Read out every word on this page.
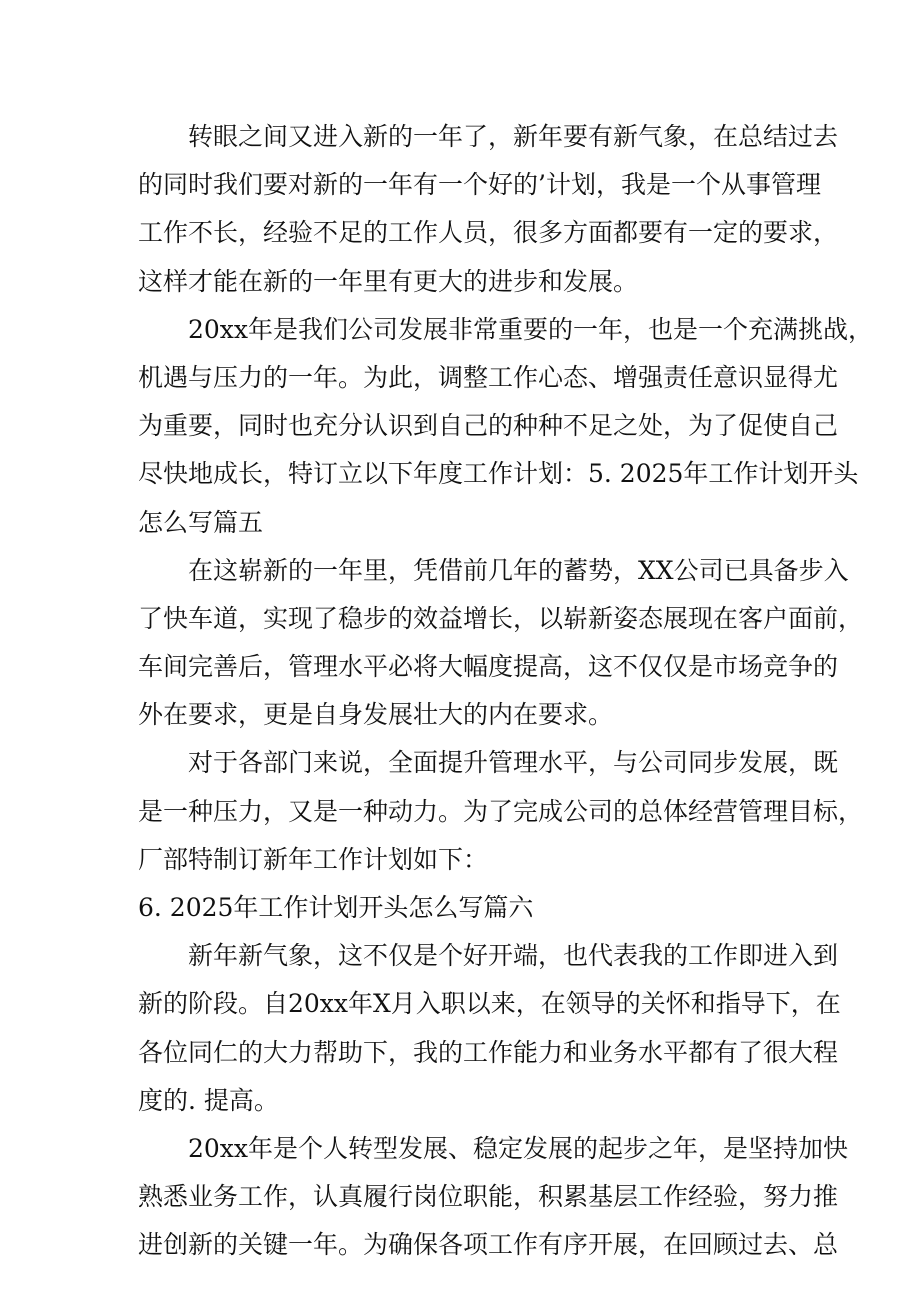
转眼之间又进入新的一年了，新年要有新气象，在总结过去
的同时我们要对新的一年有一个好的’计划，我是一个从事管理
工作不长，经验不足的工作人员，很多方面都要有一定的要求，
这样才能在新的一年里有更大的进步和发展。
20xx年是我们公司发展非常重要的一年，也是一个充满挑战，
机遇与压力的一年。为此，调整工作心态、增强责任意识显得尤
为重要，同时也充分认识到自己的种种不足之处，为了促使自己
尽快地成长，特订立以下年度工作计划：5. 2025年工作计划开头
怎么写篇五
在这崭新的一年里，凭借前几年的蓄势，XX公司已具备步入
了快车道，实现了稳步的效益增长，以崭新姿态展现在客户面前，
车间完善后，管理水平必将大幅度提高，这不仅仅是市场竞争的
外在要求，更是自身发展壮大的内在要求。
对于各部门来说，全面提升管理水平，与公司同步发展，既
是一种压力，又是一种动力。为了完成公司的总体经营管理目标，
厂部特制订新年工作计划如下：
6. 2025年工作计划开头怎么写篇六
新年新气象，这不仅是个好开端，也代表我的工作即进入到
新的阶段。自20xx年X月入职以来，在领导的关怀和指导下，在
各位同仁的大力帮助下，我的工作能力和业务水平都有了很大程
度的. 提高。
20xx年是个人转型发展、稳定发展的起步之年，是坚持加快
熟悉业务工作，认真履行岗位职能，积累基层工作经验，努力推
进创新的关键一年。为确保各项工作有序开展，在回顾过去、总
